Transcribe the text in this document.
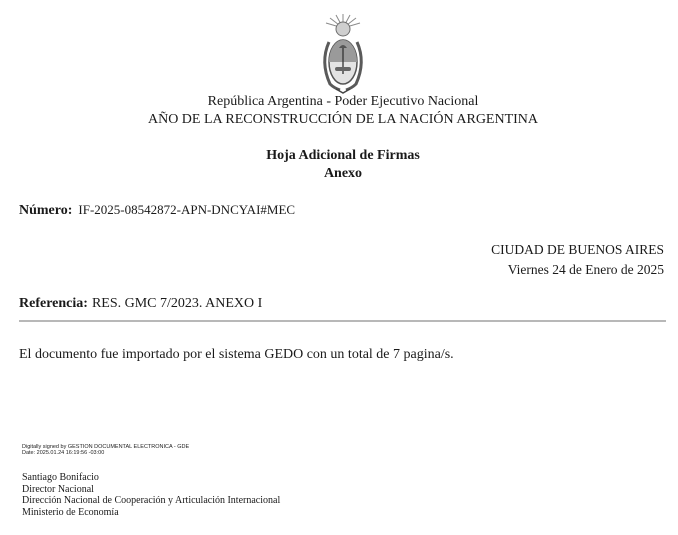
República Argentina - Poder Ejecutivo Nacional
AÑO DE LA RECONSTRUCCIÓN DE LA NACIÓN ARGENTINA
Hoja Adicional de Firmas
Anexo
Número: IF-2025-08542872-APN-DNCYAI#MEC
CIUDAD DE BUENOS AIRES
Viernes 24 de Enero de 2025
Referencia: RES. GMC 7/2023. ANEXO I
El documento fue importado por el sistema GEDO con un total de 7 pagina/s.
Digitally signed by GESTION DOCUMENTAL ELECTRONICA - GDE
Date: 2025.01.24 16:19:56 -03:00
Santiago Bonifacio
Director Nacional
Dirección Nacional de Cooperación y Articulación Internacional
Ministerio de Economía
